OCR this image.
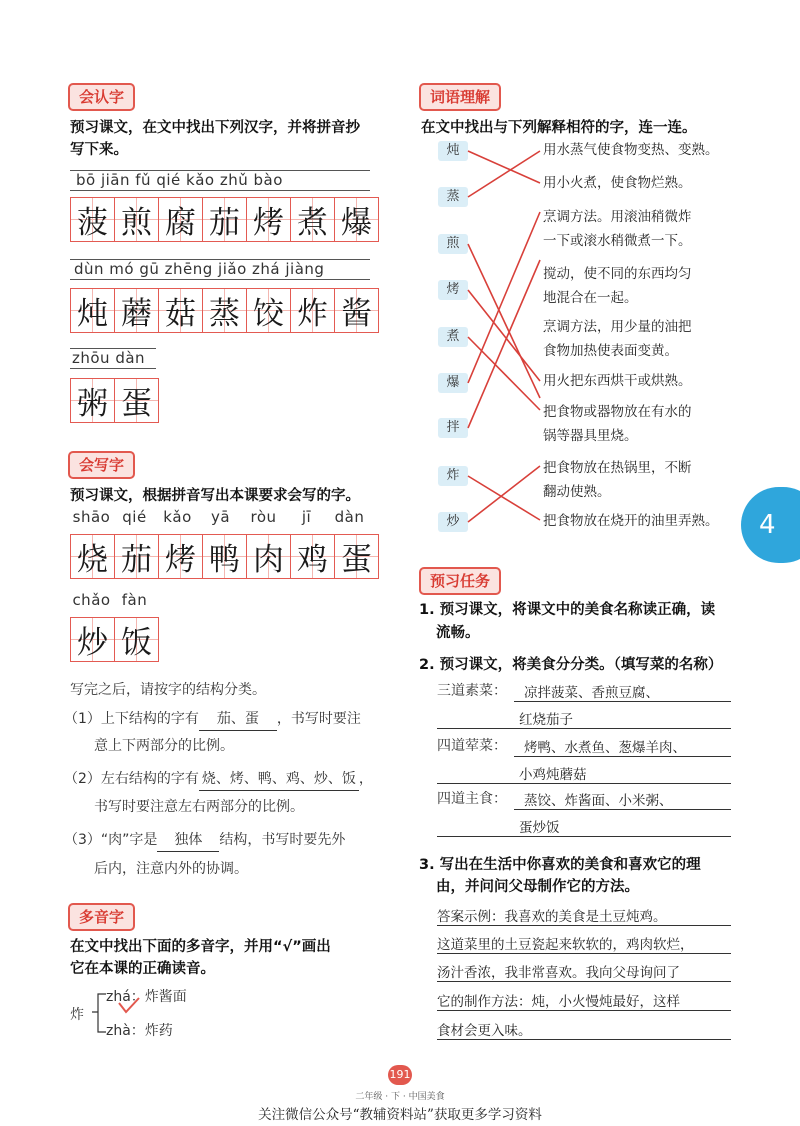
会认字
预习课文，在文中找出下列汉字，并将拼音抄
写下来。
bō jiān fǔ qié kǎo zhǔ bào
菠 煎 腐 茄 烤 煮 爆
dùn mó gū zhēng jiǎo zhá jiàng
炖 蘑 菇 蒸 饺 炸 酱
zhōu dàn
粥 蛋
会写字
预习课文，根据拼音写出本课要求会写的字。
shāo qié	kǎo	yā	ròu	jī	dàn
烧 茄 烤 鸭 肉 鸡 蛋
chǎo fàn
炒 饭
写完之后，请按字的结构分类。
（1）上下结构的字有 茄、蛋 ，书写时要注
意上下两部分的比例。
（2）左右结构的字有 烧、烤、鸭、鸡、炒、饭 ，
书写时要注意左右两部分的比例。
（3）“肉”字是 独体 结构，书写时要先外
后内，注意内外的协调。
多音字
在文中找出下面的多音字，并用“√”画出
它在本课的正确读音。
炸
zhá：炸酱面
zhà：炸药
词语理解
在文中找出与下列解释相符的字，连一连。
炖
蒸
煎
烤
煮
爆
拌
炸
炒
用水蒸气使食物变热、变熟。
用小火煮，使食物烂熟。
烹调方法。用滚油稍微炸
一下或滚水稍微煮一下。
搅动，使不同的东西均匀
地混合在一起。
烹调方法，用少量的油把
食物加热使表面变黄。
用火把东西烘干或烘熟。
把食物或器物放在有水的
锅等器具里烧。
把食物放在热锅里，不断
翻动使熟。
把食物放在烧开的油里弄熟。 4
预习任务
1. 预习课文，将课文中的美食名称读正确，读
流畅。
2. 预习课文，将美食分分类。（填写菜的名称）
三道素菜： 凉拌菠菜、香煎豆腐、
红烧茄子
四道荤菜： 烤鸭、水煮鱼、葱爆羊肉、
小鸡炖蘑菇
四道主食： 蒸饺、炸酱面、小米粥、
蛋炒饭
3. 写出在生活中你喜欢的美食和喜欢它的理
由，并问问父母制作它的方法。
答案示例：我喜欢的美食是土豆炖鸡。
这道菜里的土豆瓷起来软软的，鸡肉软烂，
汤汁香浓，我非常喜欢。我向父母询问了
它的制作方法：炖，小火慢炖最好，这样
食材会更入味。
191
二年级 · 下 · 中国美食
关注微信公众号“教辅资料站”获取更多学习资料
